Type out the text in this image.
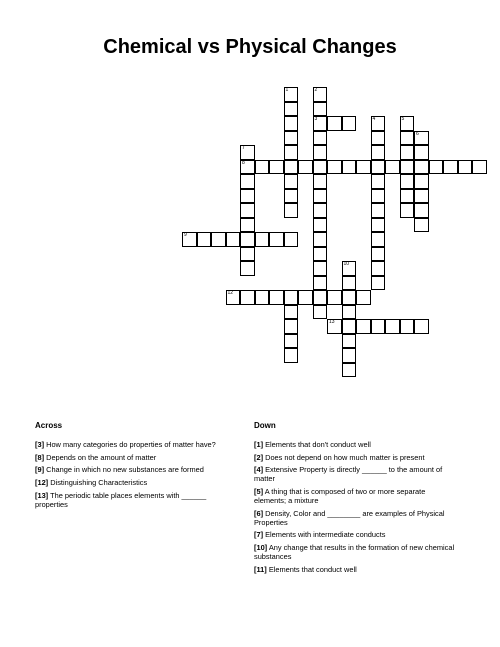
Chemical vs Physical Changes
1	2
3	4	5
6
7
8
9
10
12
13
Across
[3] How many categories do properties of matter have?
[8] Depends on the amount of matter
[9] Change in which no new substances are formed
[12] Distinguishing Characteristics
[13] The periodic table places elements with ______ properties
Down
[1] Elements that don't conduct well
[2] Does not depend on how much matter is present
[4] Extensive Property is directly ______ to the amount of matter
[5] A thing that is composed of two or more separate elements; a mixture
[6] Density, Color and ________ are examples of Physical Properties
[7] Elements with intermediate conducts
[10] Any change that results in the formation of new chemical substances
[11] Elements that conduct well
